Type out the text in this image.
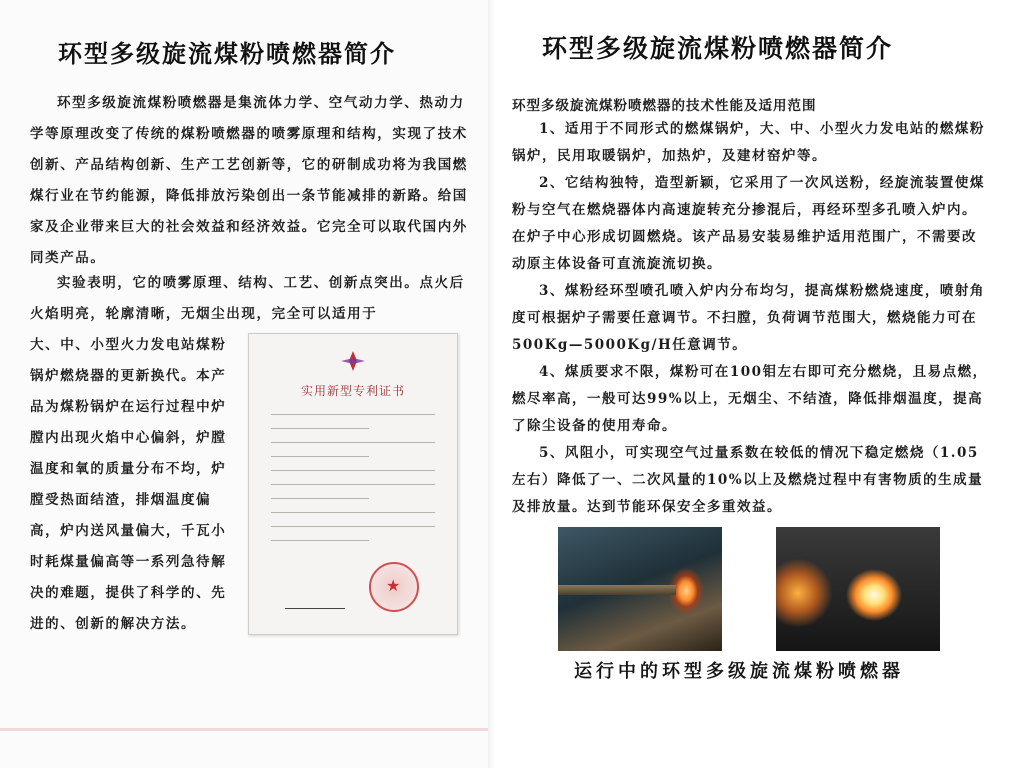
环型多级旋流煤粉喷燃器简介

环型多级旋流煤粉喷燃器是集流体力学、空气动力学、热动力学等原理改变了传统的煤粉喷燃器的喷雾原理和结构，实现了技术创新、产品结构创新、生产工艺创新等，它的研制成功将为我国燃煤行业在节约能源，降低排放污染创出一条节能减排的新路。给国家及企业带来巨大的社会效益和经济效益。它完全可以取代国内外同类产品。

实验表明，它的喷雾原理、结构、工艺、创新点突出。点火后火焰明亮，轮廓清晰，无烟尘出现，完全可以适用于

大、中、小型火力发电站煤粉锅炉燃烧器的更新换代。本产品为煤粉锅炉在运行过程中炉膛内出现火焰中心偏斜，炉膛温度和氧的质量分布不均，炉膛受热面结渣，排烟温度偏高，炉内送风量偏大，千瓦小时耗煤量偏高等一系列急待解决的难题，提供了科学的、先进的、创新的解决方法。

实用新型专利证书
★
环型多级旋流煤粉喷燃器简介

环型多级旋流煤粉喷燃器的技术性能及适用范围

1、适用于不同形式的燃煤锅炉，大、中、小型火力发电站的燃煤粉锅炉，民用取暖锅炉，加热炉，及建材窑炉等。

2、它结构独特，造型新颖，它采用了一次风送粉，经旋流装置使煤粉与空气在燃烧器体内高速旋转充分掺混后，再经环型多孔喷入炉内。在炉子中心形成切圆燃烧。该产品易安装易维护适用范围广，不需要改动原主体设备可直流旋流切换。

3、煤粉经环型喷孔喷入炉内分布均匀，提高煤粉燃烧速度，喷射角度可根据炉子需要任意调节。不扫膛，负荷调节范围大，燃烧能力可在500Kg—5000Kg/H任意调节。

4、煤质要求不限，煤粉可在100钼左右即可充分燃烧，且易点燃，燃尽率高，一般可达99%以上，无烟尘、不结渣，降低排烟温度，提高了除尘设备的使用寿命。

5、风阻小，可实现空气过量系数在较低的情况下稳定燃烧（1.05左右）降低了一、二次风量的10%以上及燃烧过程中有害物质的生成量及排放量。达到节能环保安全多重效益。

运行中的环型多级旋流煤粉喷燃器
